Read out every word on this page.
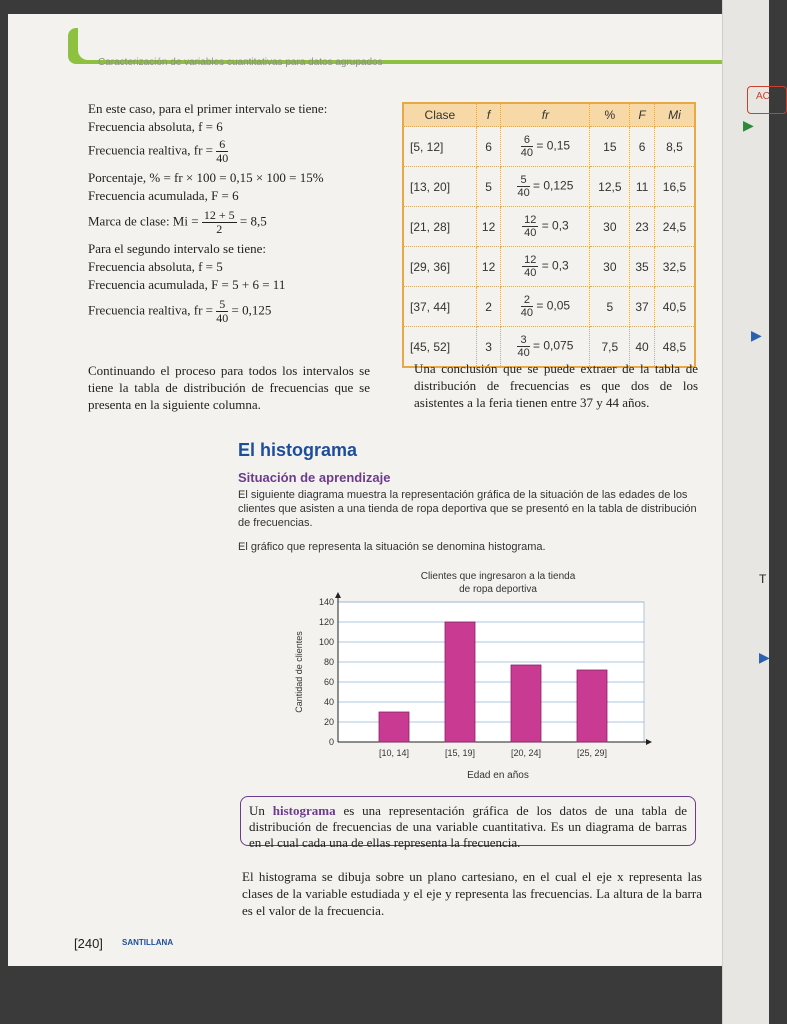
Caracterización de variables cuantitativas para datos agrupados
En este caso, para el primer intervalo se tiene:
Frecuencia absoluta, f = 6
Frecuencia realtiva, fr = $\frac{6}{40}$
Porcentaje, % = fr × 100 = 0,15 × 100 = 15%
Frecuencia acumulada, F = 6
Marca de clase: $Mi = \frac{12 + 5}{2} = 8,5$
Para el segundo intervalo se tiene:
Frecuencia absoluta, f = 5
Frecuencia acumulada, F = 5 + 6 = 11
Frecuencia realtiva, fr = $\frac{5}{40} = 0,125$
Clase	f	fr	%	F	Mi
[5, 12]	6	$\frac{6}{40} = 0,15$	15	6	8,5
[13, 20]	5	$\frac{5}{40} = 0,125$	12,5	11	16,5
[21, 28]	12	$\frac{12}{40} = 0,3$	30	23	24,5
[29, 36]	12	$\frac{12}{40} = 0,3$	30	35	32,5
[37, 44]	2	$\frac{2}{40} = 0,05$	5	37	40,5
[45, 52]	3	$\frac{3}{40} = 0,075$	7,5	40	48,5
Continuando el proceso para todos los intervalos se tiene la tabla de distribución de frecuencias que se presenta en la siguiente columna.
Una conclusión que se puede extraer de la tabla de distribución de frecuencias es que dos de los asistentes a la feria tienen entre 37 y 44 años.
El histograma
Situación de aprendizaje
El siguiente diagrama muestra la representación gráfica de la situación de las edades de los clientes que asisten a una tienda de ropa deportiva que se presentó en la tabla de distribución de frecuencias.
El gráfico que representa la situación se denomina histograma.
Clientes que ingresaron a la tienda
de ropa deportiva
0
20
40
60
80
100
120
140
[10, 14]	[15, 19]	[20, 24]	[25, 29]
Edad en años
Cantidad de clientes
Un histograma es una representación gráfica de los datos de una tabla de distribución de frecuencias de una variable cuantitativa. Es un diagrama de barras en el cual cada una de ellas representa la frecuencia.
El histograma se dibuja sobre un plano cartesiano, en el cual el eje x representa las clases de la variable estudiada y el eje y representa las frecuencias. La altura de la barra es el valor de la frecuencia.
[240] SANTILLANA
AC
▶
▶
▶
T
